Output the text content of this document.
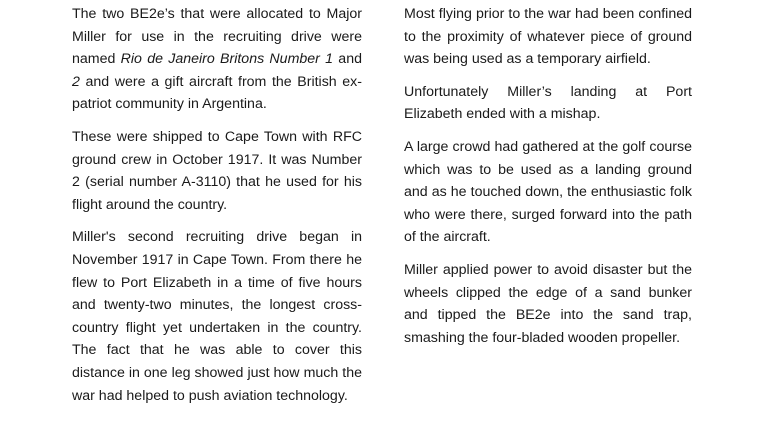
The two BE2e’s that were allocated to Major Miller for use in the recruiting drive were named Rio de Janeiro Britons Number 1 and 2 and were a gift aircraft from the British ex-patriot community in Argentina.

These were shipped to Cape Town with RFC ground crew in October 1917. It was Number 2 (serial number A-3110) that he used for his flight around the country.

Miller's second recruiting drive began in November 1917 in Cape Town. From there he flew to Port Elizabeth in a time of five hours and twenty-two minutes, the longest cross-country flight yet undertaken in the country. The fact that he was able to cover this distance in one leg showed just how much the war had helped to push aviation technology.

Most flying prior to the war had been confined to the proximity of whatever piece of ground was being used as a temporary airfield.

Unfortunately Miller’s landing at Port Elizabeth ended with a mishap.

A large crowd had gathered at the golf course which was to be used as a landing ground and as he touched down, the enthusiastic folk who were there, surged forward into the path of the aircraft.

Miller applied power to avoid disaster but the wheels clipped the edge of a sand bunker and tipped the BE2e into the sand trap, smashing the four-bladed wooden propeller.
